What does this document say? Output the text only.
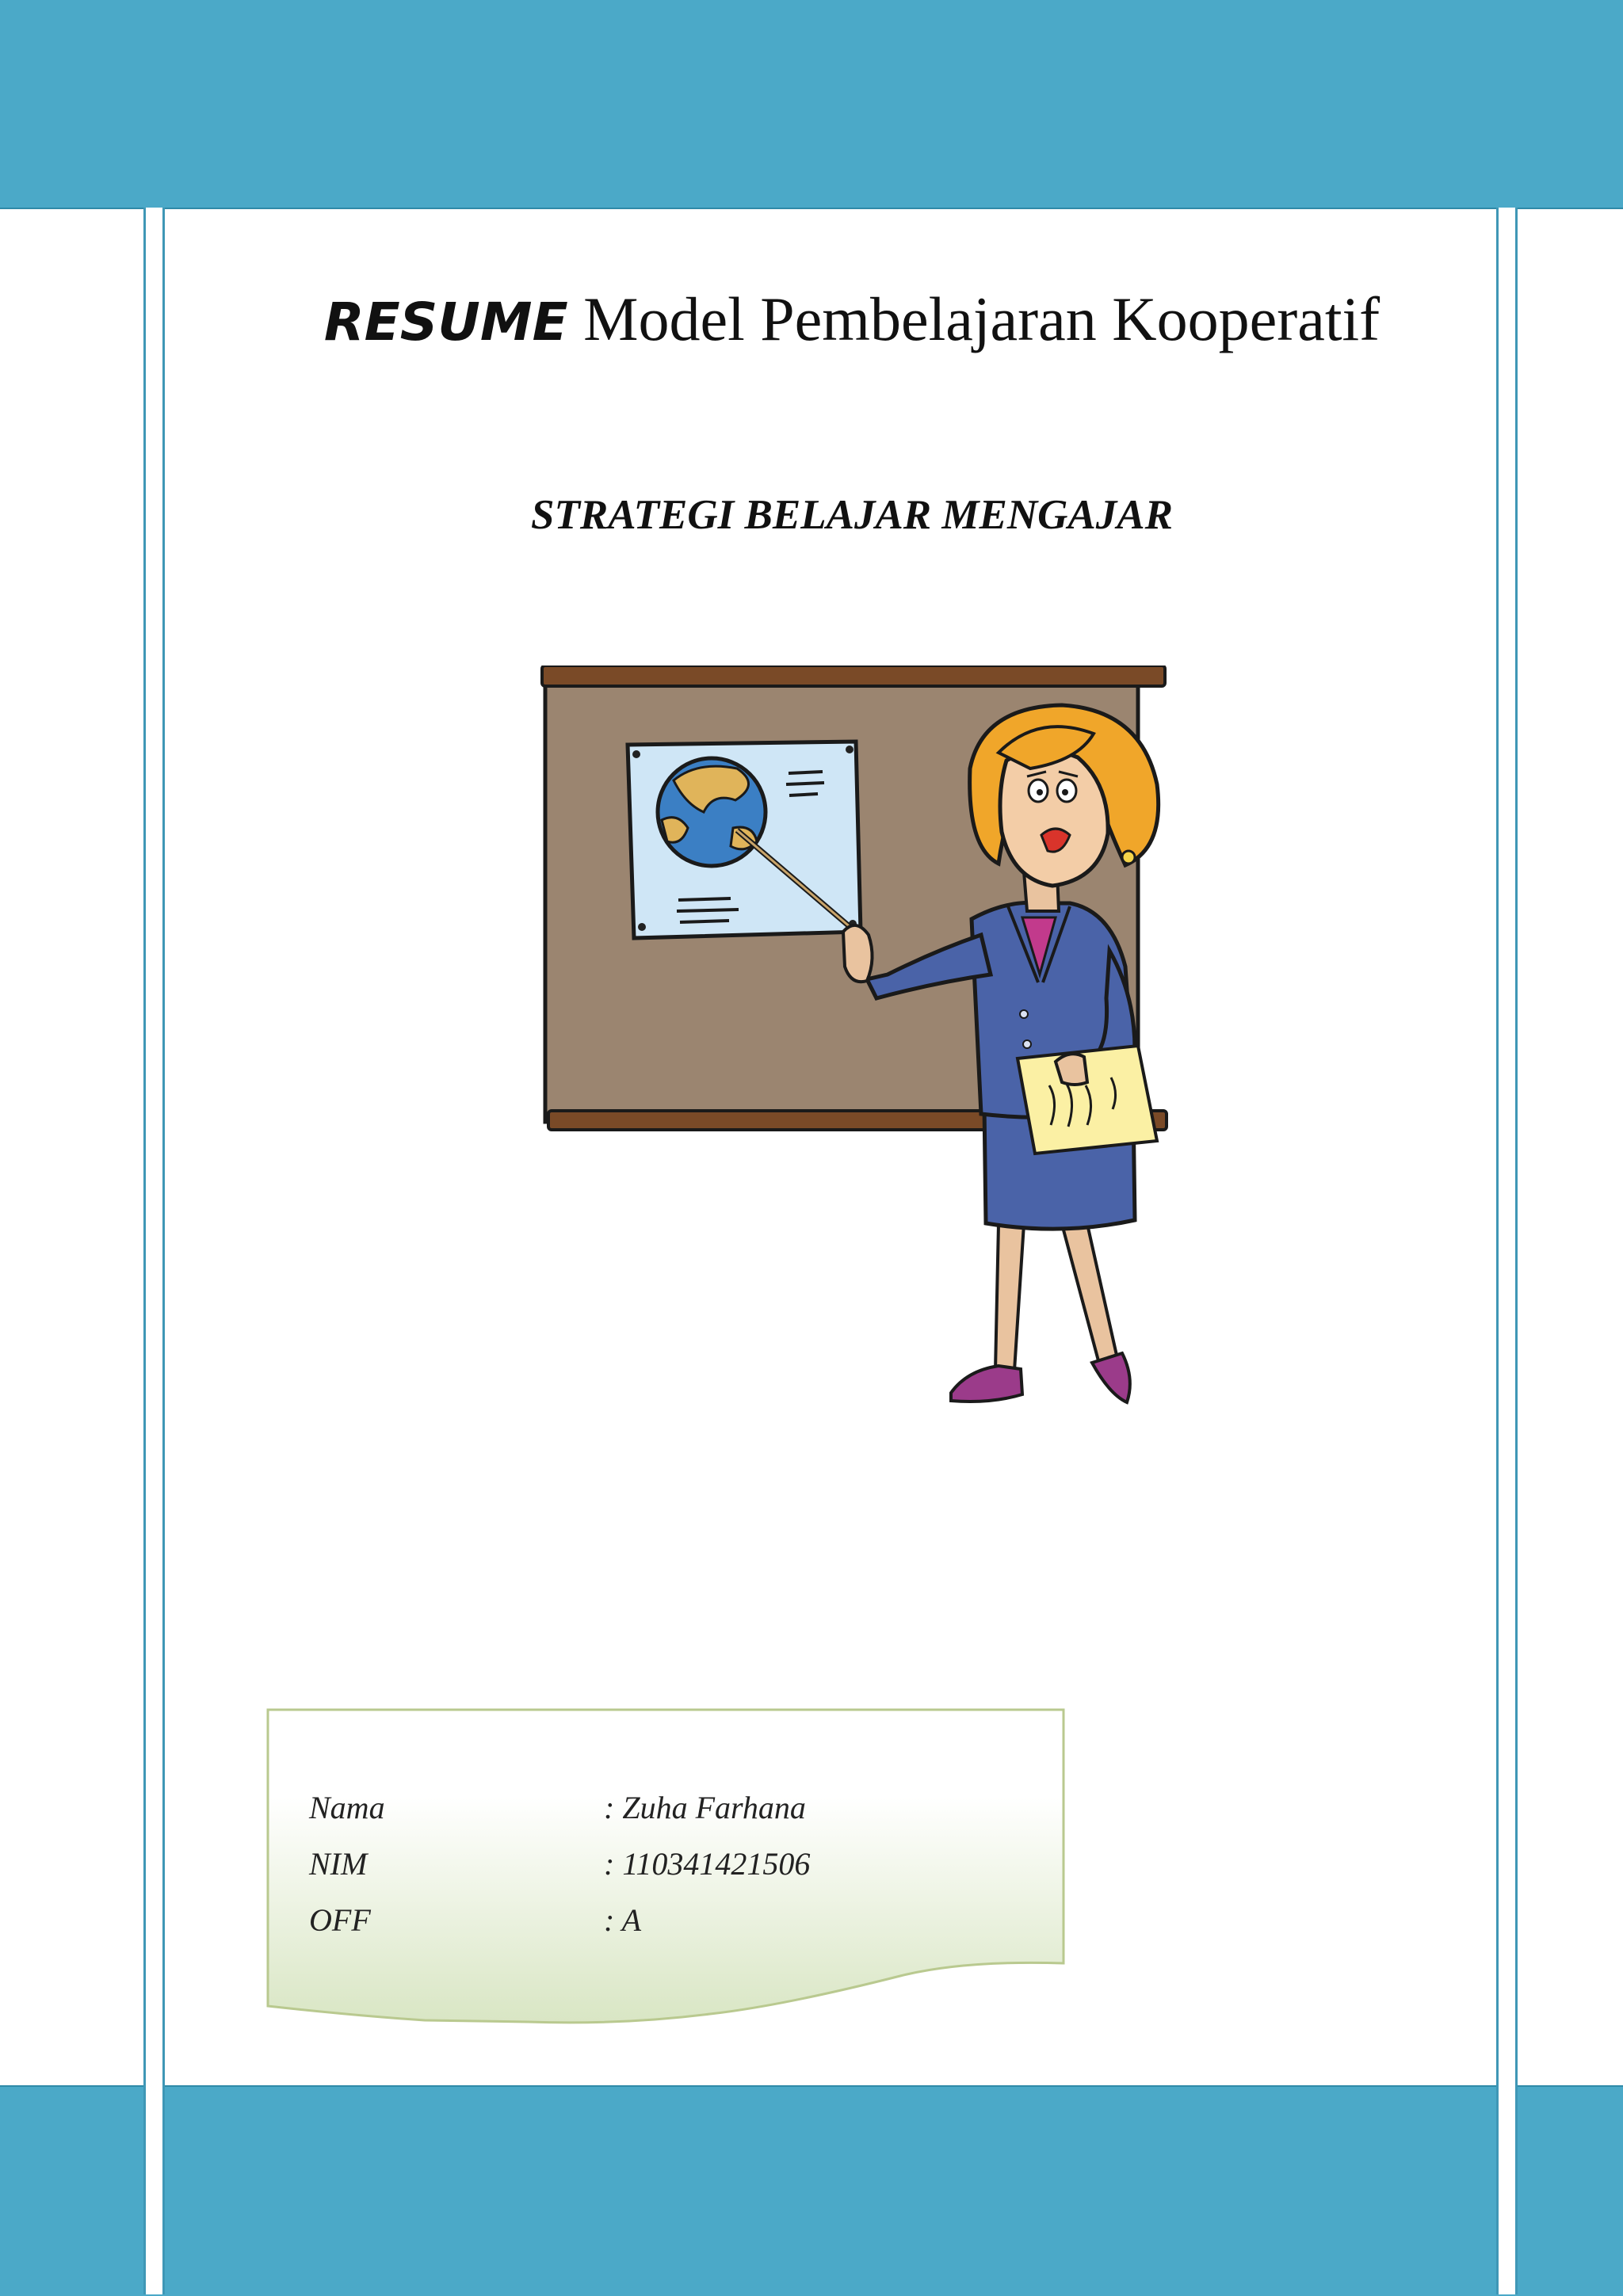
RESUME Model Pembelajaran Kooperatif
STRATEGI BELAJAR MENGAJAR
Nama	: Zuha Farhana
NIM	: 110341421506
OFF	: A
